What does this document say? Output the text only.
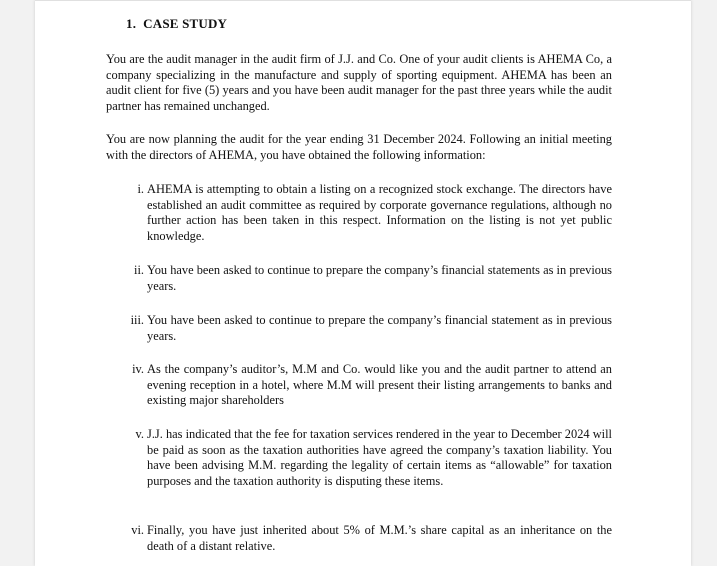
1. CASE STUDY
You are the audit manager in the audit firm of J.J. and Co. One of your audit clients is AHEMA Co, a company specializing in the manufacture and supply of sporting equipment. AHEMA has been an audit client for five (5) years and you have been audit manager for the past three years while the audit partner has remained unchanged.
You are now planning the audit for the year ending 31 December 2024. Following an initial meeting with the directors of AHEMA, you have obtained the following information:
i. AHEMA is attempting to obtain a listing on a recognized stock exchange. The directors have established an audit committee as required by corporate governance regulations, although no further action has been taken in this respect. Information on the listing is not yet public knowledge.
ii. You have been asked to continue to prepare the company’s financial statements as in previous years.
iii. You have been asked to continue to prepare the company’s financial statement as in previous years.
iv. As the company’s auditor’s, M.M and Co. would like you and the audit partner to attend an evening reception in a hotel, where M.M will present their listing arrangements to banks and existing major shareholders
v. J.J. has indicated that the fee for taxation services rendered in the year to December 2024 will be paid as soon as the taxation authorities have agreed the company’s taxation liability. You have been advising M.M. regarding the legality of certain items as “allowable” for taxation purposes and the taxation authority is disputing these items.
vi. Finally, you have just inherited about 5% of M.M.’s share capital as an inheritance on the death of a distant relative.
